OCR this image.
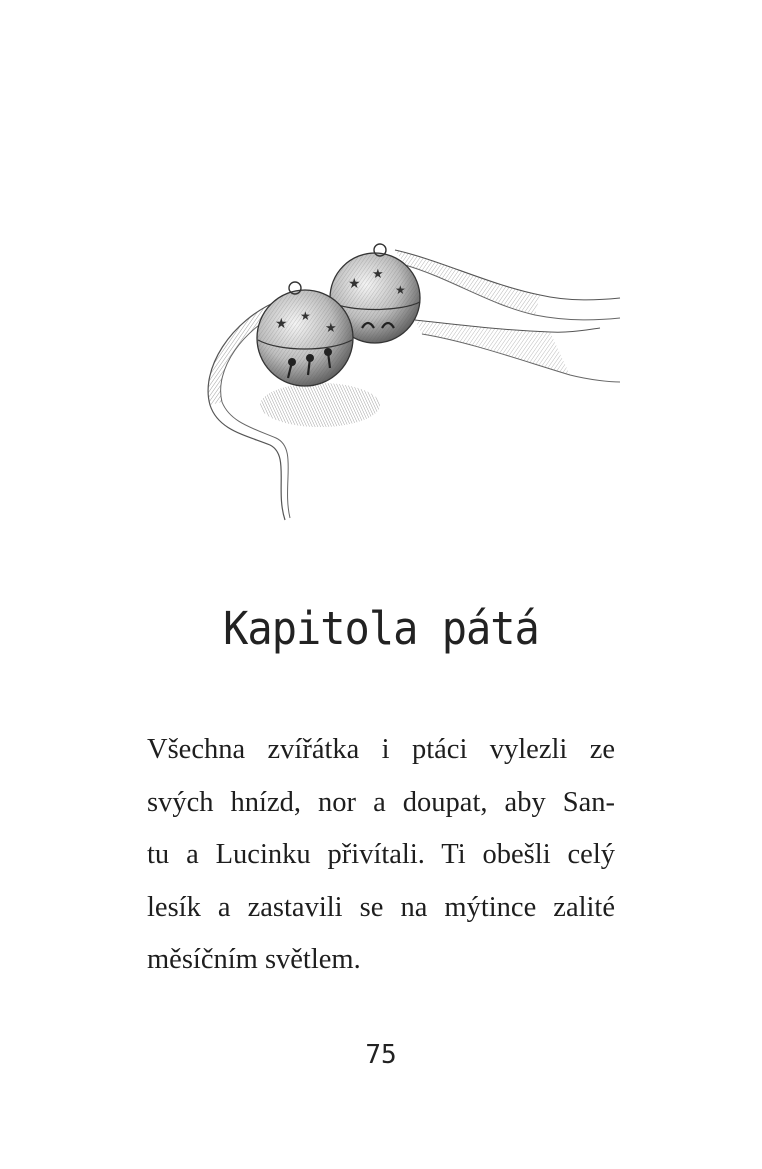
★
★
★
★ ★
★
Kapitola pátá
Všechna zvířátka i ptáci vylezli ze
svých hnízd, nor a doupat, aby San-
tu a Lucinku přivítali. Ti obešli celý
lesík a zastavili se na mýtince zalité
měsíčním světlem.
75
